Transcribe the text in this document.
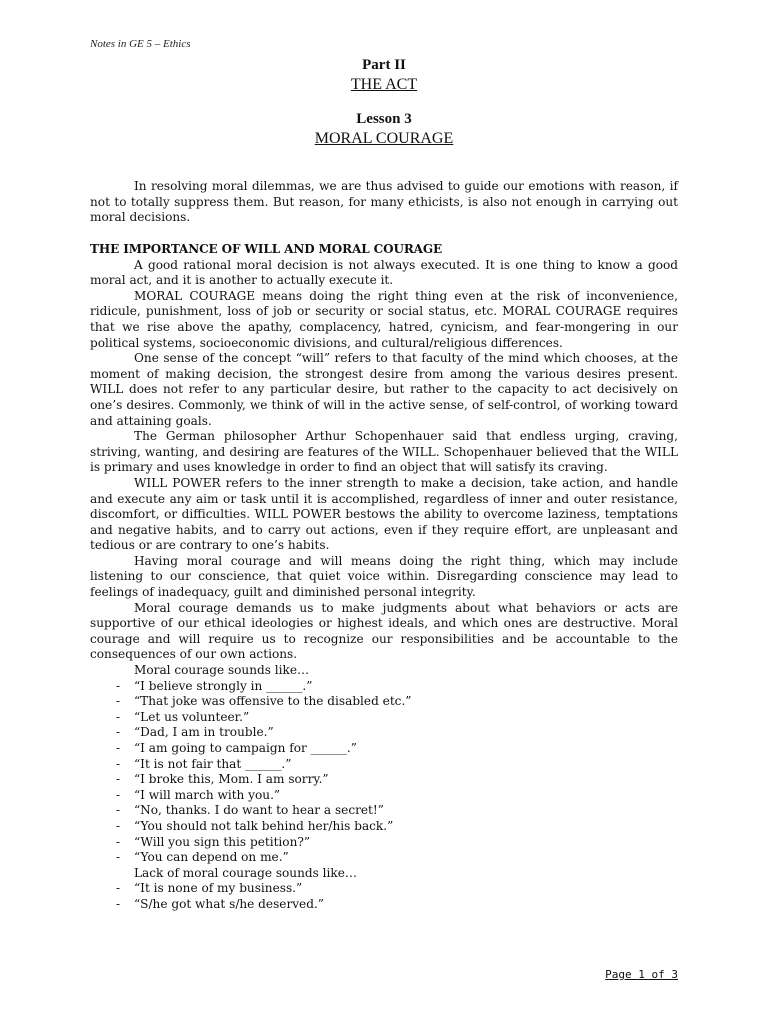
Notes in GE 5 – Ethics
Part II
THE ACT
Lesson 3
MORAL COURAGE

In resolving moral dilemmas, we are thus advised to guide our emotions with reason, if not to totally suppress them. But reason, for many ethicists, is also not enough in carrying out moral decisions.

THE IMPORTANCE OF WILL AND MORAL COURAGE

A good rational moral decision is not always executed. It is one thing to know a good moral act, and it is another to actually execute it.

MORAL COURAGE means doing the right thing even at the risk of inconvenience, ridicule, punishment, loss of job or security or social status, etc. MORAL COURAGE requires that we rise above the apathy, complacency, hatred, cynicism, and fear-mongering in our political systems, socioeconomic divisions, and cultural/religious differences.

One sense of the concept “will” refers to that faculty of the mind which chooses, at the moment of making decision, the strongest desire from among the various desires present. WILL does not refer to any particular desire, but rather to the capacity to act decisively on one’s desires. Commonly, we think of will in the active sense, of self-control, of working toward and attaining goals.

The German philosopher Arthur Schopenhauer said that endless urging, craving, striving, wanting, and desiring are features of the WILL. Schopenhauer believed that the WILL is primary and uses knowledge in order to find an object that will satisfy its craving.

WILL POWER refers to the inner strength to make a decision, take action, and handle and execute any aim or task until it is accomplished, regardless of inner and outer resistance, discomfort, or difficulties. WILL POWER bestows the ability to overcome laziness, temptations and negative habits, and to carry out actions, even if they require effort, are unpleasant and tedious or are contrary to one’s habits.

Having moral courage and will means doing the right thing, which may include listening to our conscience, that quiet voice within. Disregarding conscience may lead to feelings of inadequacy, guilt and diminished personal integrity.

Moral courage demands us to make judgments about what behaviors or acts are supportive of our ethical ideologies or highest ideals, and which ones are destructive. Moral courage and will require us to recognize our responsibilities and be accountable to the consequences of our own actions.

Moral courage sounds like…

- “I believe strongly in ______.”
- “That joke was offensive to the disabled etc.”
- “Let us volunteer.”
- “Dad, I am in trouble.”
- “I am going to campaign for ______.”
- “It is not fair that ______.”
- “I broke this, Mom. I am sorry.”
- “I will march with you.”
- “No, thanks. I do want to hear a secret!”
- “You should not talk behind her/his back.”
- “Will you sign this petition?”
- “You can depend on me.”

Lack of moral courage sounds like…

- “It is none of my business.”
- “S/he got what s/he deserved.”
Page 1 of 3
